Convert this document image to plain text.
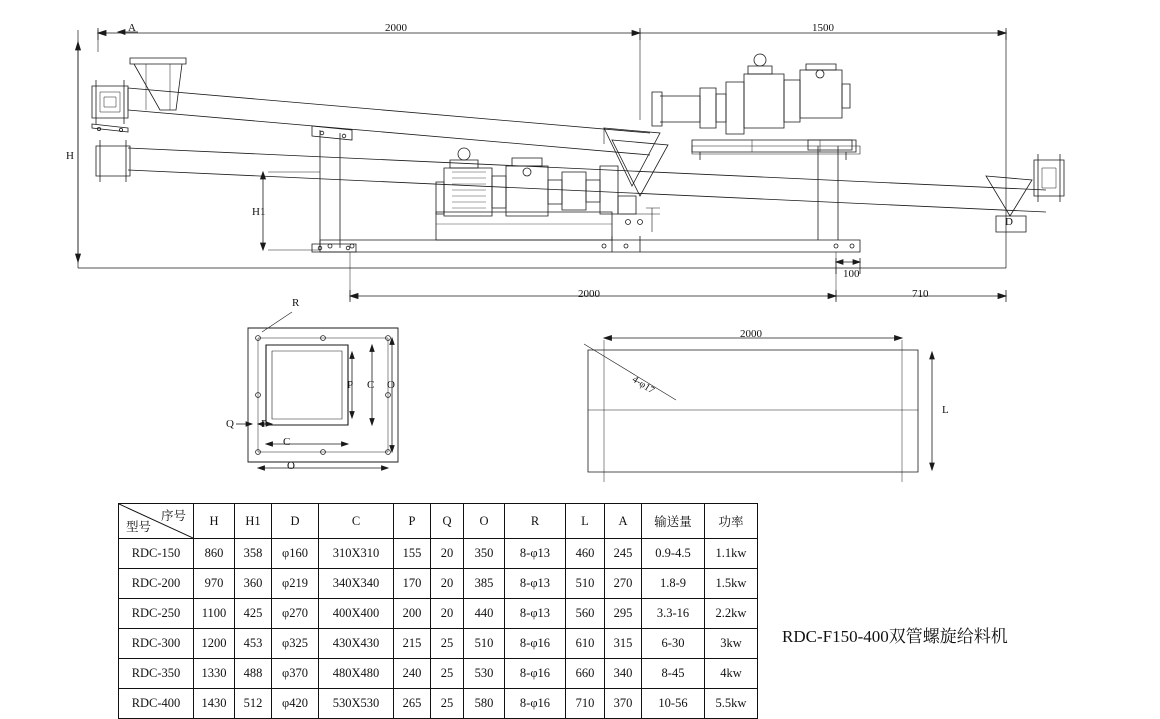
2000	1500
A
H
H1
D
100
2000	710
R
P C O
Q P
C
O
2000
L
4-φ17
型号
序号	H	H1	D	C	P	Q	O	R	L	A	输送量	功率
RDC-150	860	358	φ160	310X310	155	20	350	8-φ13	460	245	0.9-4.5	1.1kw
RDC-200	970	360	φ219	340X340	170	20	385	8-φ13	510	270	1.8-9	1.5kw
RDC-250	1100	425	φ270	400X400	200	20	440	8-φ13	560	295	3.3-16	2.2kw
RDC-300	1200	453	φ325	430X430	215	25	510	8-φ16	610	315	6-30	3kw
RDC-350	1330	488	φ370	480X480	240	25	530	8-φ16	660	340	8-45	4kw
RDC-400	1430	512	φ420	530X530	265	25	580	8-φ16	710	370	10-56	5.5kw
RDC-F150-400双管螺旋给料机
